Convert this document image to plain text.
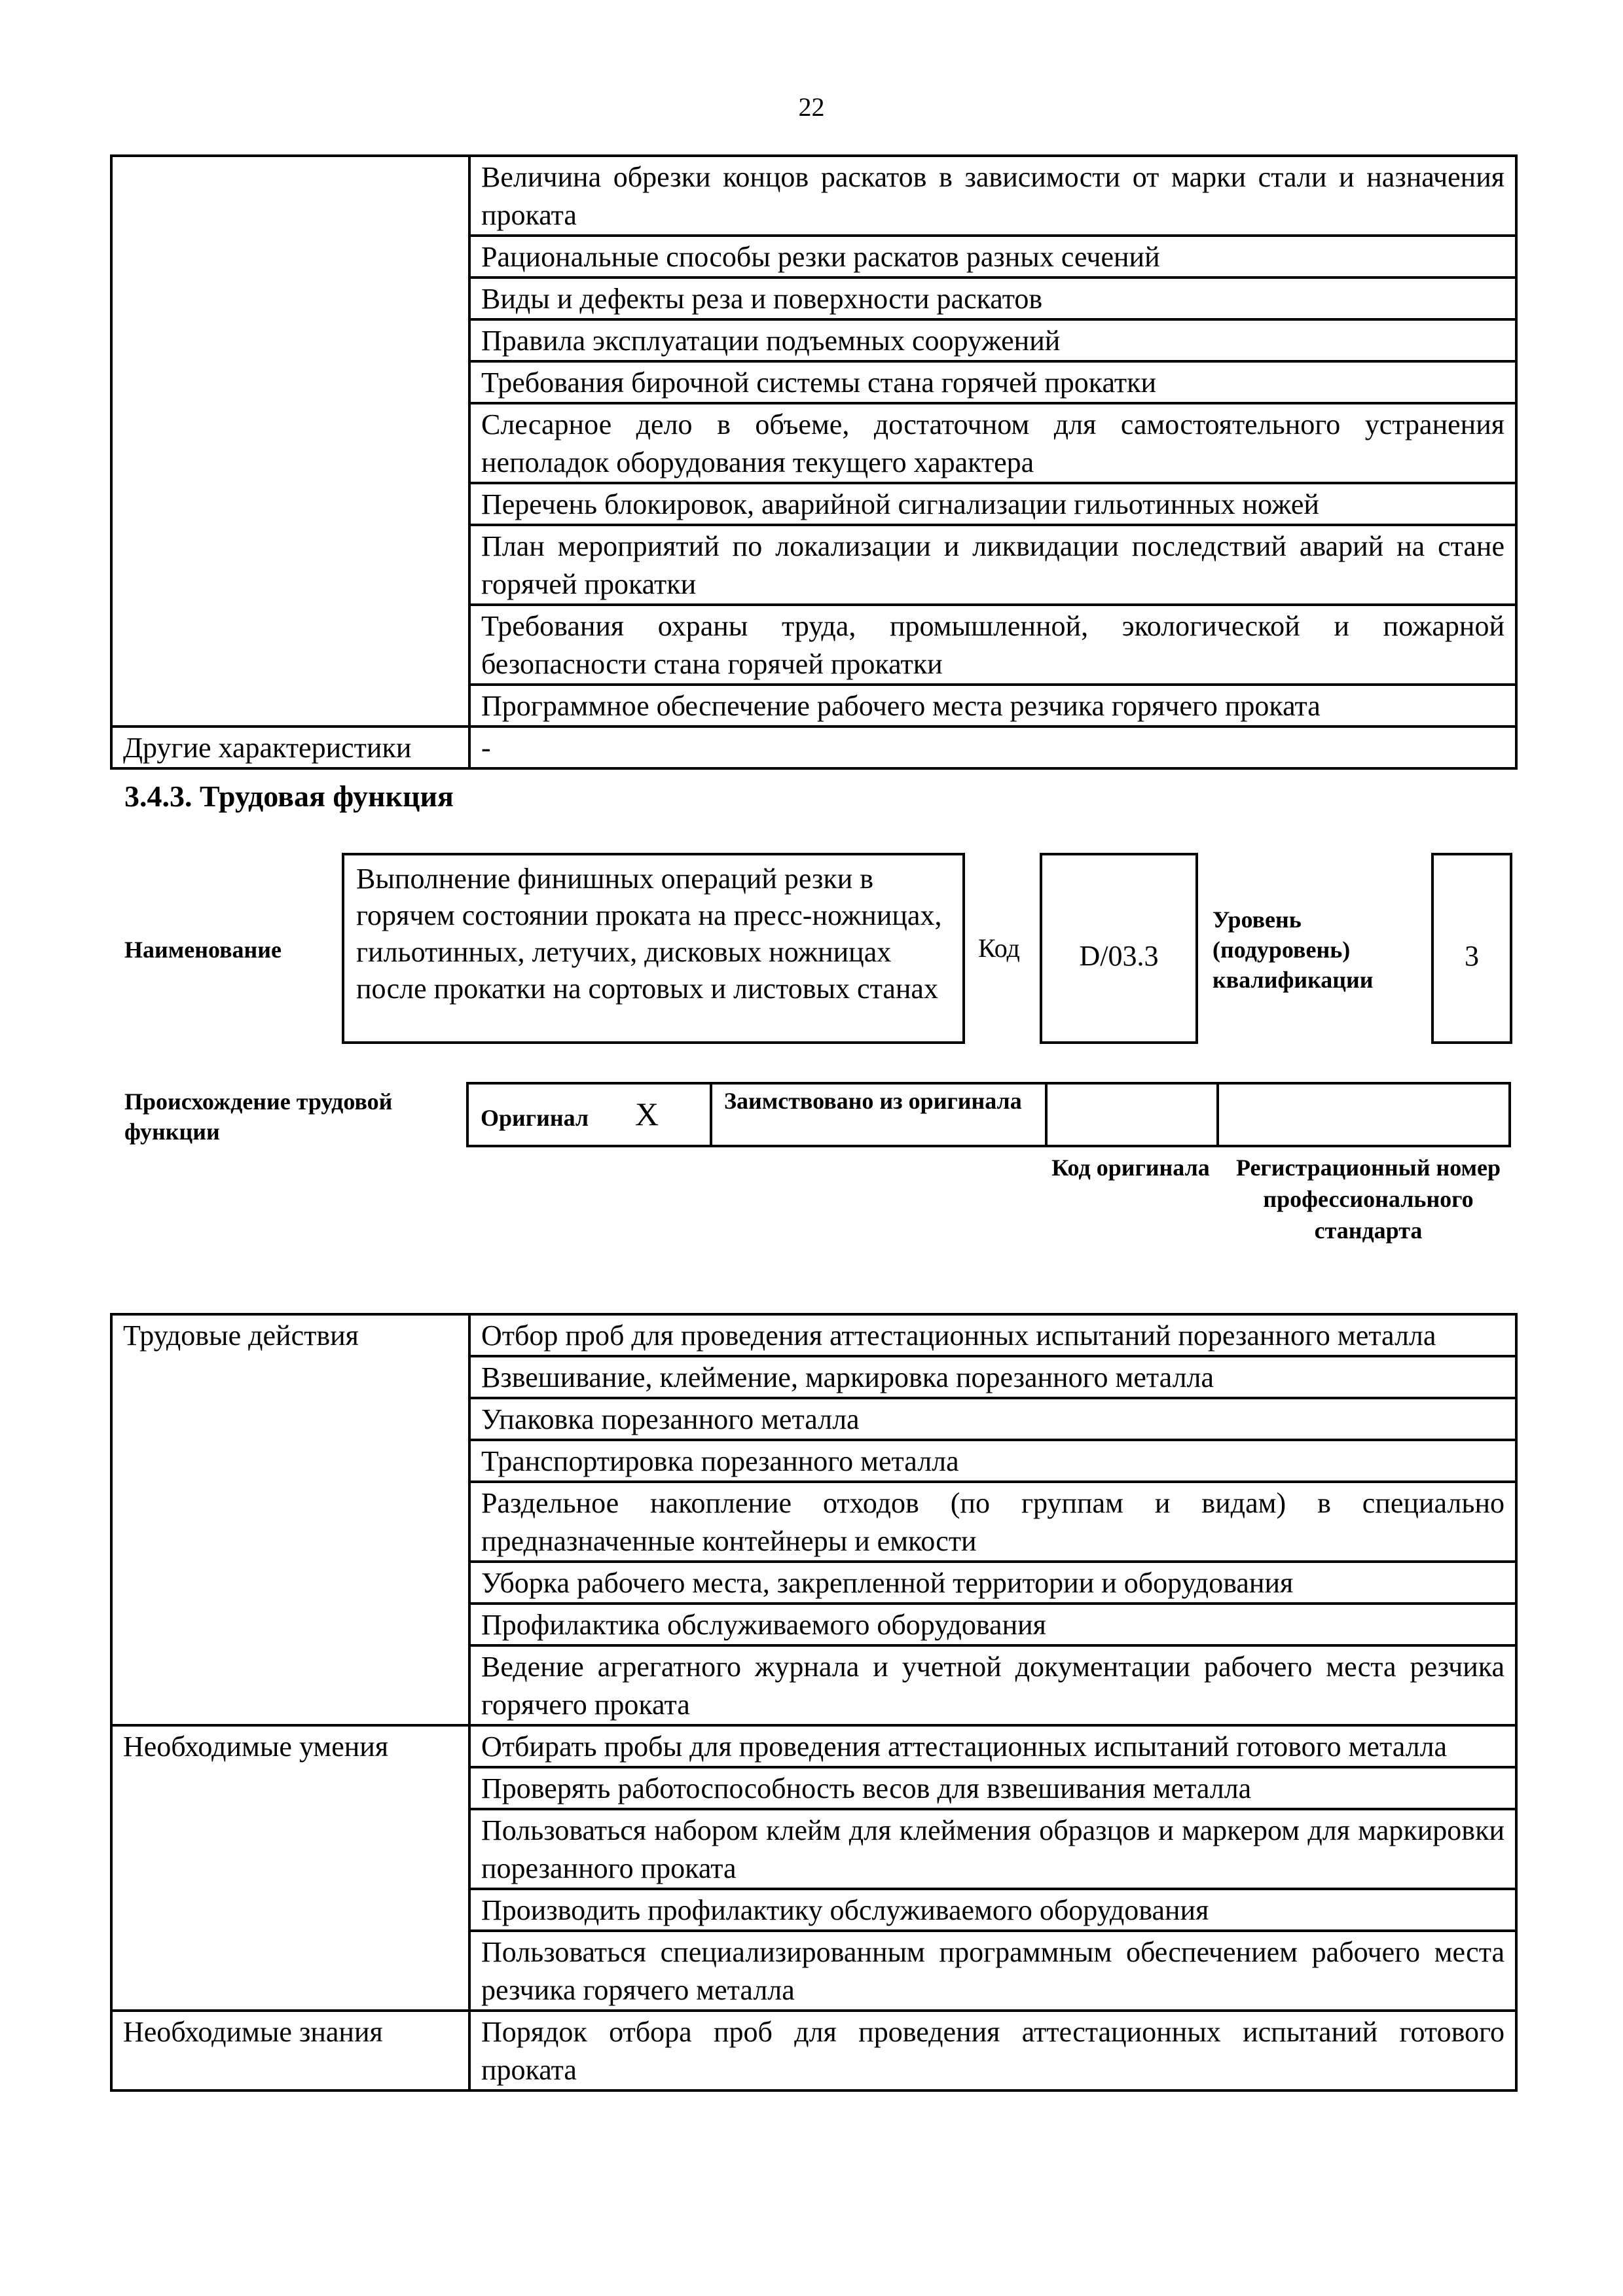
22
	Величина обрезки концов раскатов в зависимости от марки стали и назначения проката
	Рациональные способы резки раскатов разных сечений
	Виды и дефекты реза и поверхности раскатов
	Правила эксплуатации подъемных сооружений
	Требования бирочной системы стана горячей прокатки
	Слесарное дело в объеме, достаточном для самостоятельного устранения неполадок оборудования текущего характера
	Перечень блокировок, аварийной сигнализации гильотинных ножей
	План мероприятий по локализации и ликвидации последствий аварий на стане горячей прокатки
	Требования охраны труда, промышленной, экологической и пожарной безопасности стана горячей прокатки
	Программное обеспечение рабочего места резчика горячего проката
Другие характеристики	-
3.4.3. Трудовая функция
Наименование
Выполнение финишных операций резки в горячем состоянии проката на пресс-ножницах, гильотинных, летучих, дисковых ножницах после прокатки на сортовых и листовых станах
Код	D/03.3
Уровень (подуровень) квалификации
3
Происхождение трудовой функции
Оригинал X	Заимствовано из оригинала
Код оригинала Регистрационный номер профессионального стандарта
Трудовые действия	Отбор проб для проведения аттестационных испытаний порезанного металла
	Взвешивание, клеймение, маркировка порезанного металла
	Упаковка порезанного металла
	Транспортировка порезанного металла
	Раздельное накопление отходов (по группам и видам) в специально предназначенные контейнеры и емкости
	Уборка рабочего места, закрепленной территории и оборудования
	Профилактика обслуживаемого оборудования
	Ведение агрегатного журнала и учетной документации рабочего места резчика горячего проката
Необходимые умения	Отбирать пробы для проведения аттестационных испытаний готового металла
	Проверять работоспособность весов для взвешивания металла
	Пользоваться набором клейм для клеймения образцов и маркером для маркировки порезанного проката
	Производить профилактику обслуживаемого оборудования
	Пользоваться специализированным программным обеспечением рабочего места резчика горячего металла
Необходимые знания	Порядок отбора проб для проведения аттестационных испытаний готового проката
